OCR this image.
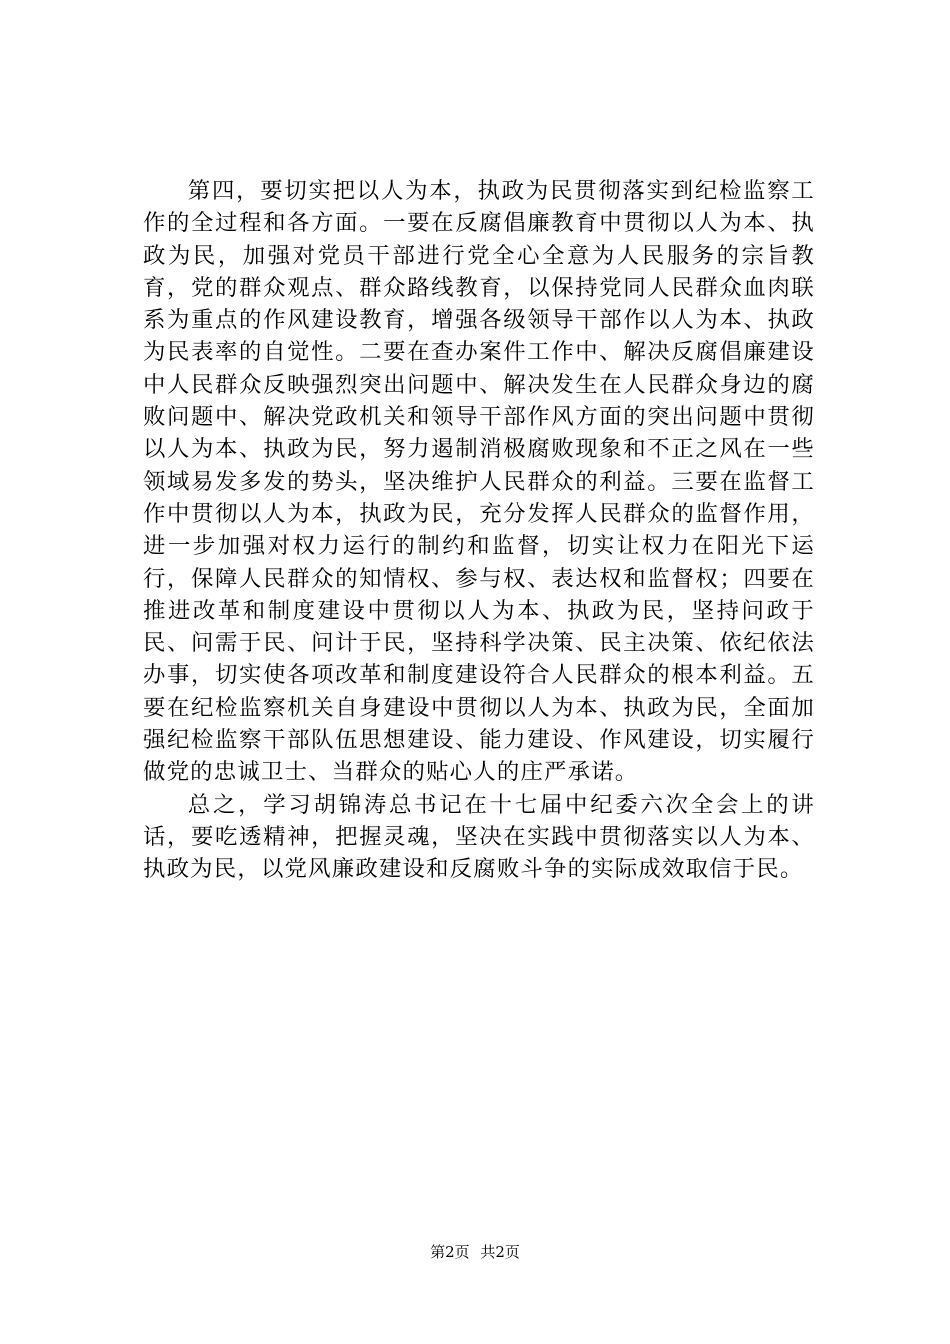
第四，要切实把以人为本，执政为民贯彻落实到纪检监察工作的全过程和各方面。一要在反腐倡廉教育中贯彻以人为本、执政为民，加强对党员干部进行党全心全意为人民服务的宗旨教育，党的群众观点、群众路线教育，以保持党同人民群众血肉联系为重点的作风建设教育，增强各级领导干部作以人为本、执政为民表率的自觉性。二要在查办案件工作中、解决反腐倡廉建设中人民群众反映强烈突出问题中、解决发生在人民群众身边的腐败问题中、解决党政机关和领导干部作风方面的突出问题中贯彻以人为本、执政为民，努力遏制消极腐败现象和不正之风在一些领域易发多发的势头，坚决维护人民群众的利益。三要在监督工作中贯彻以人为本，执政为民，充分发挥人民群众的监督作用，进一步加强对权力运行的制约和监督，切实让权力在阳光下运行，保障人民群众的知情权、参与权、表达权和监督权；四要在推进改革和制度建设中贯彻以人为本、执政为民，坚持问政于民、问需于民、问计于民，坚持科学决策、民主决策、依纪依法办事，切实使各项改革和制度建设符合人民群众的根本利益。五要在纪检监察机关自身建设中贯彻以人为本、执政为民，全面加强纪检监察干部队伍思想建设、能力建设、作风建设，切实履行做党的忠诚卫士、当群众的贴心人的庄严承诺。

总之，学习胡锦涛总书记在十七届中纪委六次全会上的讲话，要吃透精神，把握灵魂，坚决在实践中贯彻落实以人为本、执政为民，以党风廉政建设和反腐败斗争的实际成效取信于民。

第2页 共2页
